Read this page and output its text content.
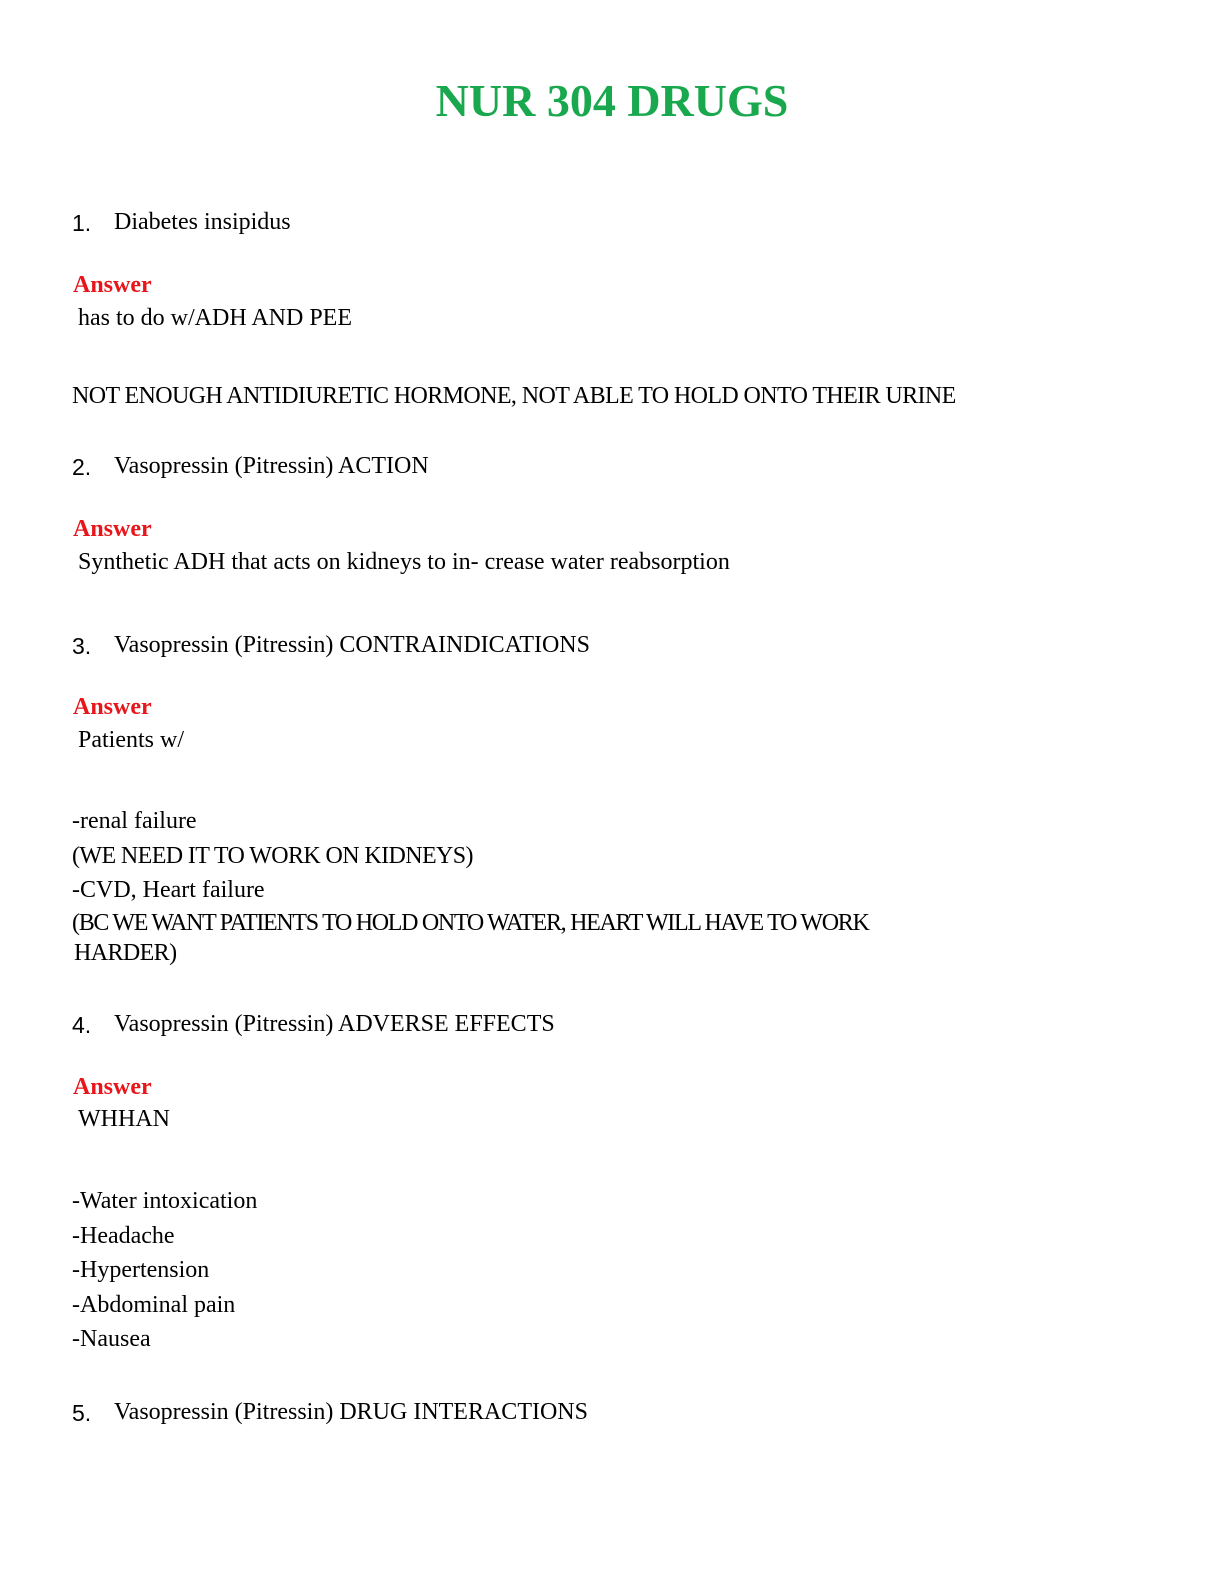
NUR 304 DRUGS
1. Diabetes insipidus
Answer
has to do w/ADH AND PEE
NOT ENOUGH ANTIDIURETIC HORMONE, NOT ABLE TO HOLD ONTO THEIR URINE
2. Vasopressin (Pitressin) ACTION
Answer
Synthetic ADH that acts on kidneys to in- crease water reabsorption
3. Vasopressin (Pitressin) CONTRAINDICATIONS
Answer
Patients w/
-renal failure
(WE NEED IT TO WORK ON KIDNEYS)
-CVD, Heart failure
(BC WE WANT PATIENTS TO HOLD ONTO WATER, HEART WILL HAVE TO WORK
HARDER)
4. Vasopressin (Pitressin) ADVERSE EFFECTS
Answer
WHHAN
-Water intoxication
-Headache
-Hypertension
-Abdominal pain
-Nausea
5. Vasopressin (Pitressin) DRUG INTERACTIONS
